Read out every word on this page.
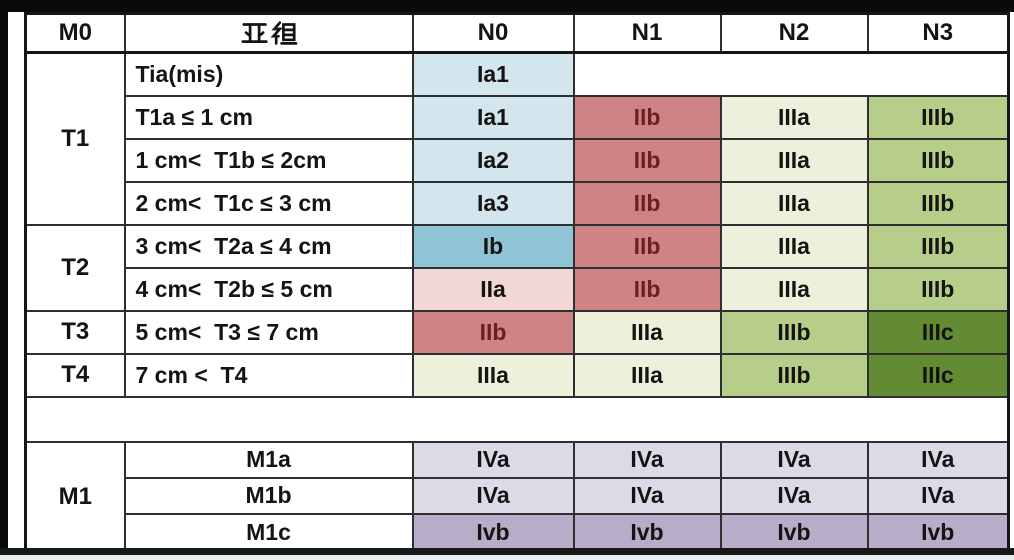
M0		N0	N1	N2	N3
T1	Tia(mis)	Ia1			
	T1a ≤ 1 cm	Ia1	IIb	IIIa	IIIb
	1 cm<  T1b ≤ 2cm	Ia2	IIb	IIIa	IIIb
	2 cm<  T1c ≤ 3 cm	Ia3	IIb	IIIa	IIIb
T2	3 cm<  T2a ≤ 4 cm	Ib	IIb	IIIa	IIIb
	4 cm<  T2b ≤ 5 cm	IIa	IIb	IIIa	IIIb
T3	5 cm<  T3 ≤ 7 cm	IIb	IIIa	IIIb	IIIc
T4	7 cm <  T4	IIIa	IIIa	IIIb	IIIc

M1	M1a	IVa	IVa	IVa	IVa
	M1b	IVa	IVa	IVa	IVa
	M1c	Ivb	Ivb	Ivb	Ivb
